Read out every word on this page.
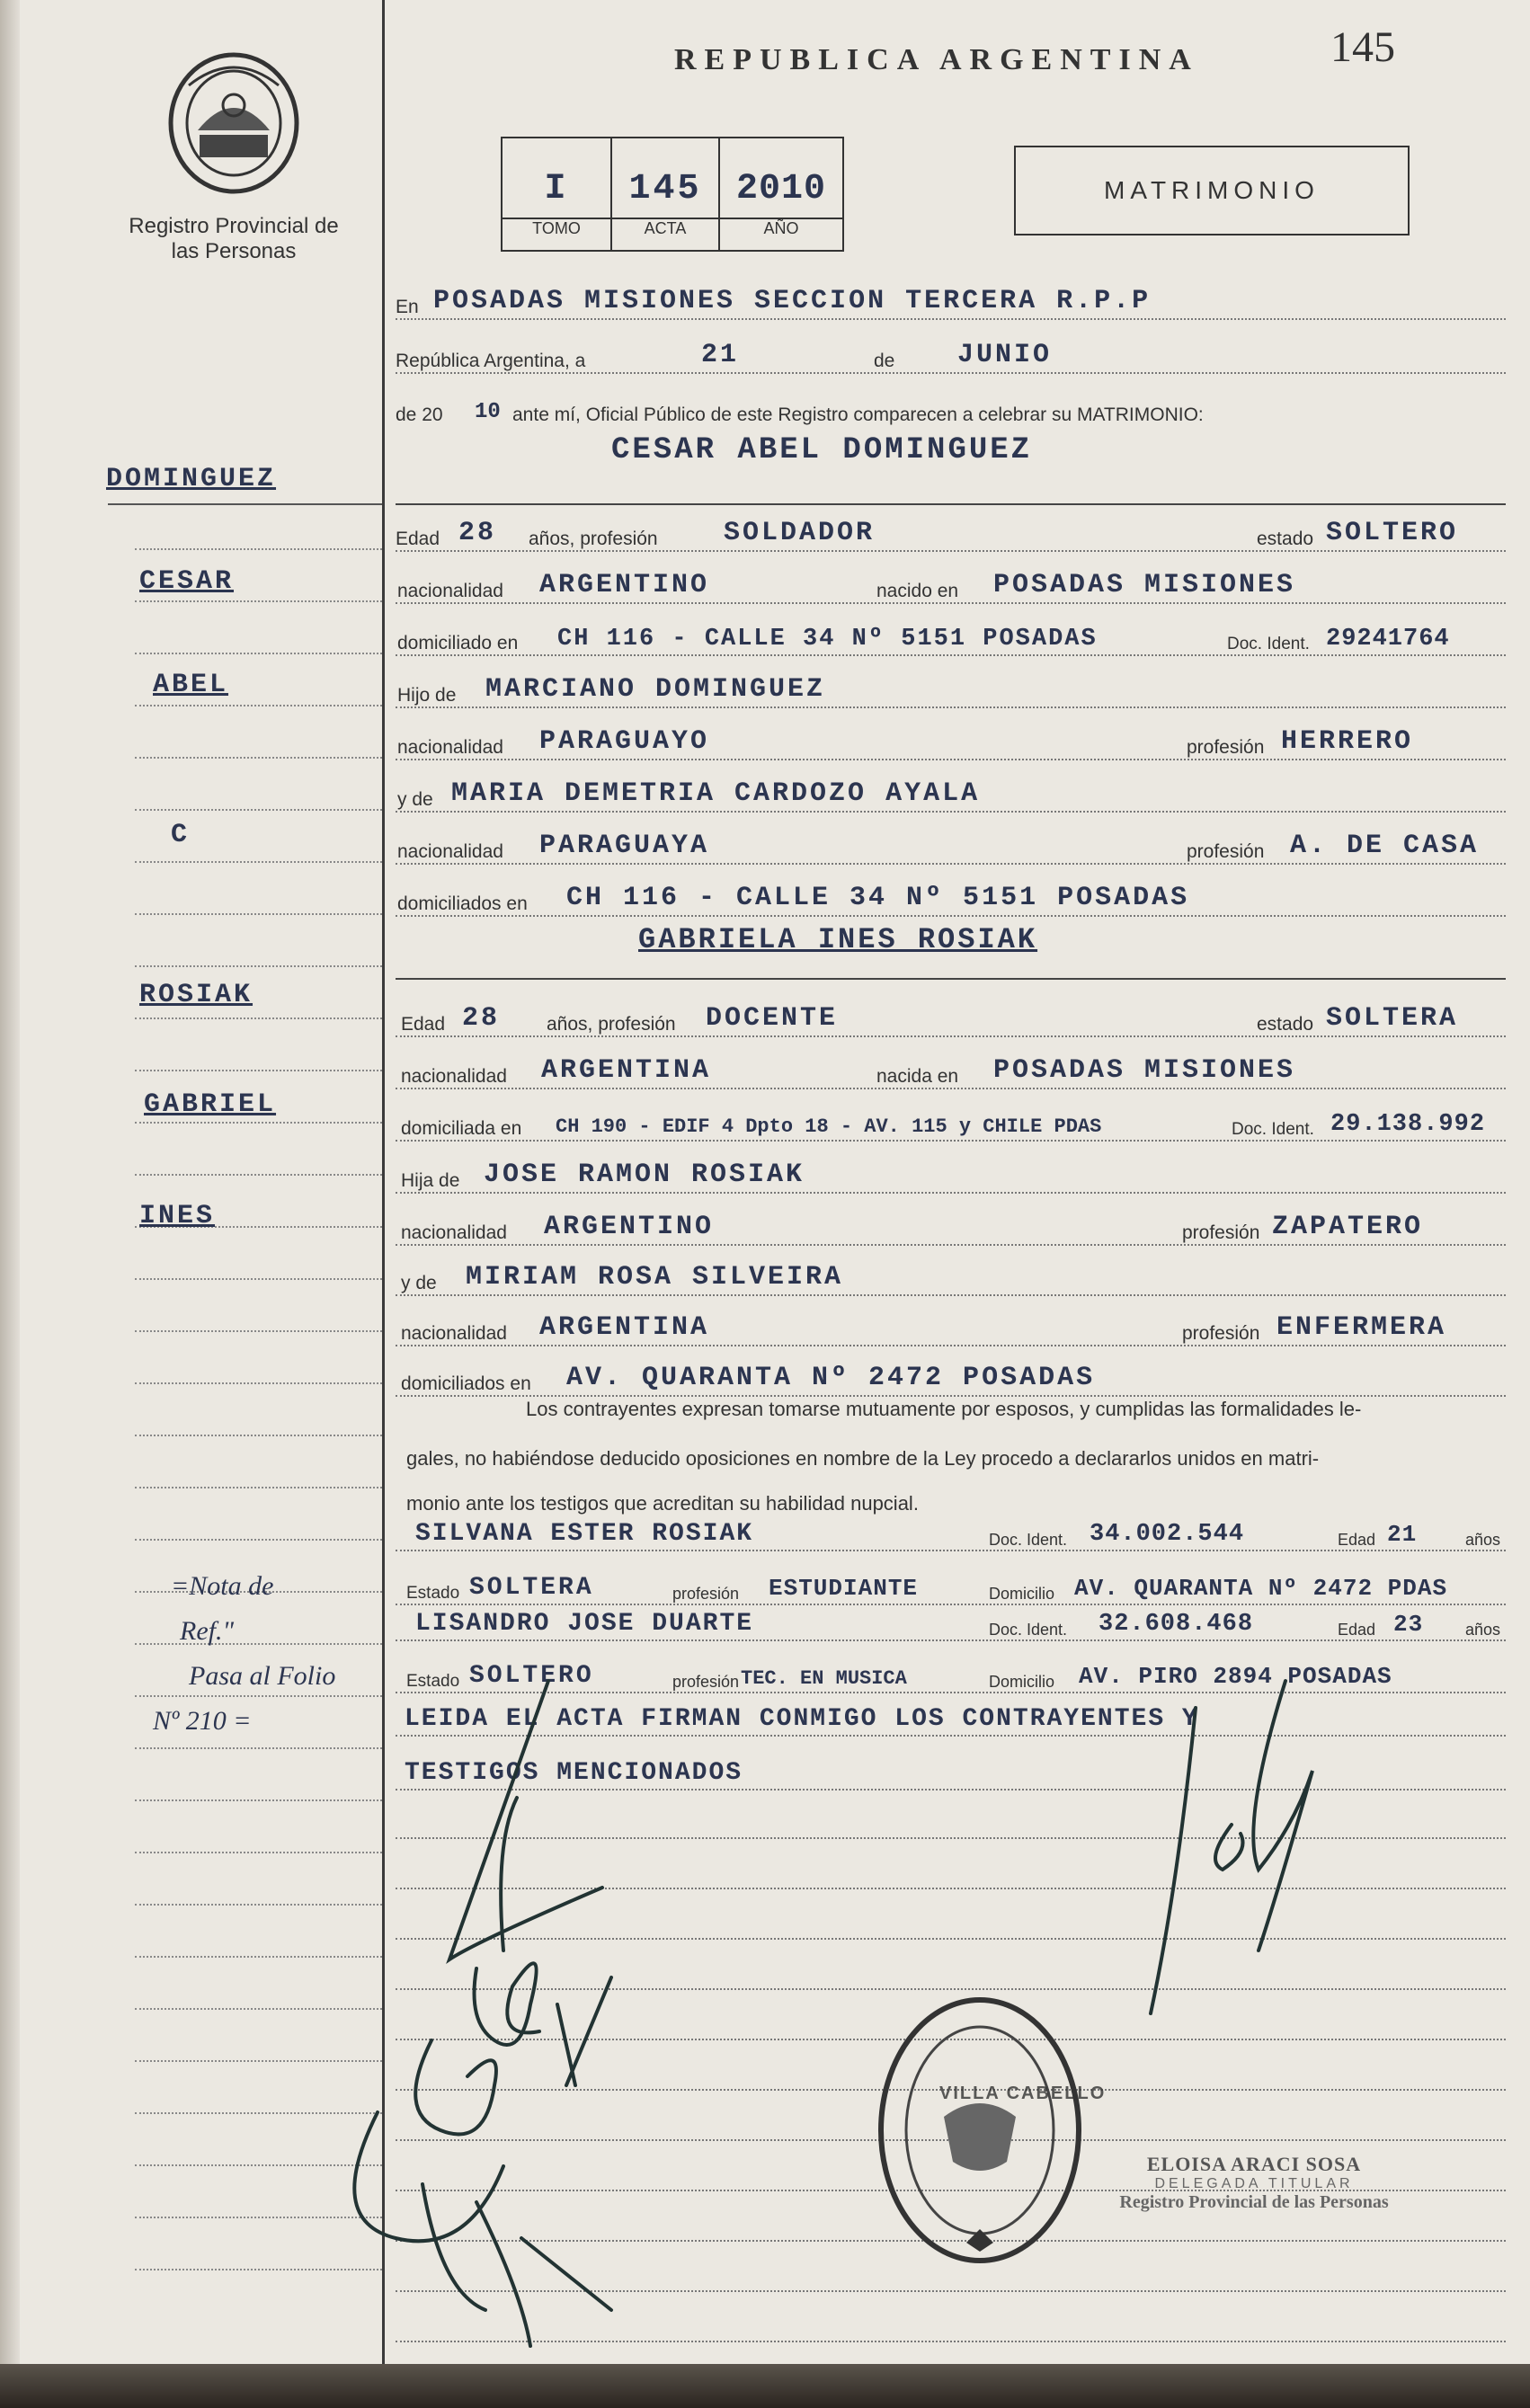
Registro Provincial de las Personas
REPUBLICA ARGENTINA	145
I	145 2010
TOMO	ACTA	AÑO
MATRIMONIO
En POSADAS MISIONES SECCION TERCERA R.P.P
República Argentina, a	21	de JUNIO
de 20 10 ante mí, Oficial Público de este Registro comparecen a celebrar su MATRIMONIO:
CESAR ABEL DOMINGUEZ
Edad 28 años, profesión SOLDADOR	estado SOLTERO
nacionalidad ARGENTINO	nacido en POSADAS MISIONES
domiciliado en CH 116 - CALLE 34 Nº 5151 POSADAS	Doc. Ident. 29241764
Hijo de MARCIANO DOMINGUEZ
nacionalidad PARAGUAYO	profesión HERRERO
y de MARIA DEMETRIA CARDOZO AYALA
nacionalidad PARAGUAYA	profesión A. DE CASA
domiciliados en CH 116 - CALLE 34 Nº 5151 POSADAS
GABRIELA INES ROSIAK
Edad 28 años, profesión DOCENTE	estado SOLTERA
nacionalidad ARGENTINA	nacida en POSADAS MISIONES
domiciliada en CH 190 - EDIF 4 Dpto 18 - AV. 115 y CHILE PDAS	Doc. Ident. 29.138.992
Hija de JOSE RAMON ROSIAK
nacionalidad ARGENTINO	profesión ZAPATERO
y de MIRIAM ROSA SILVEIRA
nacionalidad ARGENTINA	profesión ENFERMERA
domiciliados en AV. QUARANTA Nº 2472 POSADAS
Los contrayentes expresan tomarse mutuamente por esposos, y cumplidas las formalidades le-
gales, no habiéndose deducido oposiciones en nombre de la Ley procedo a declararlos unidos en matri-
monio ante los testigos que acreditan su habilidad nupcial.
SILVANA ESTER ROSIAK	Doc. Ident. 34.002.544	Edad 21	años
Estado SOLTERA	profesión ESTUDIANTE	Domicilio AV. QUARANTA Nº 2472 PDAS
LISANDRO JOSE DUARTE	Doc. Ident. 32.608.468	Edad 23	años
Estado SOLTERO	profesión TEC. EN MUSICA	Domicilio AV. PIRO 2894 POSADAS
LEIDA EL ACTA FIRMAN CONMIGO LOS CONTRAYENTES Y
TESTIGOS MENCIONADOS
DOMINGUEZ
CESAR
ABEL
C
ROSIAK
GABRIEL
INES
=Nota de
Ref."
Pasa al Folio
Nº 210 =
VILLA CABELLO
ELOISA ARACI SOSA
DELEGADA TITULAR
Registro Provincial de las Personas
